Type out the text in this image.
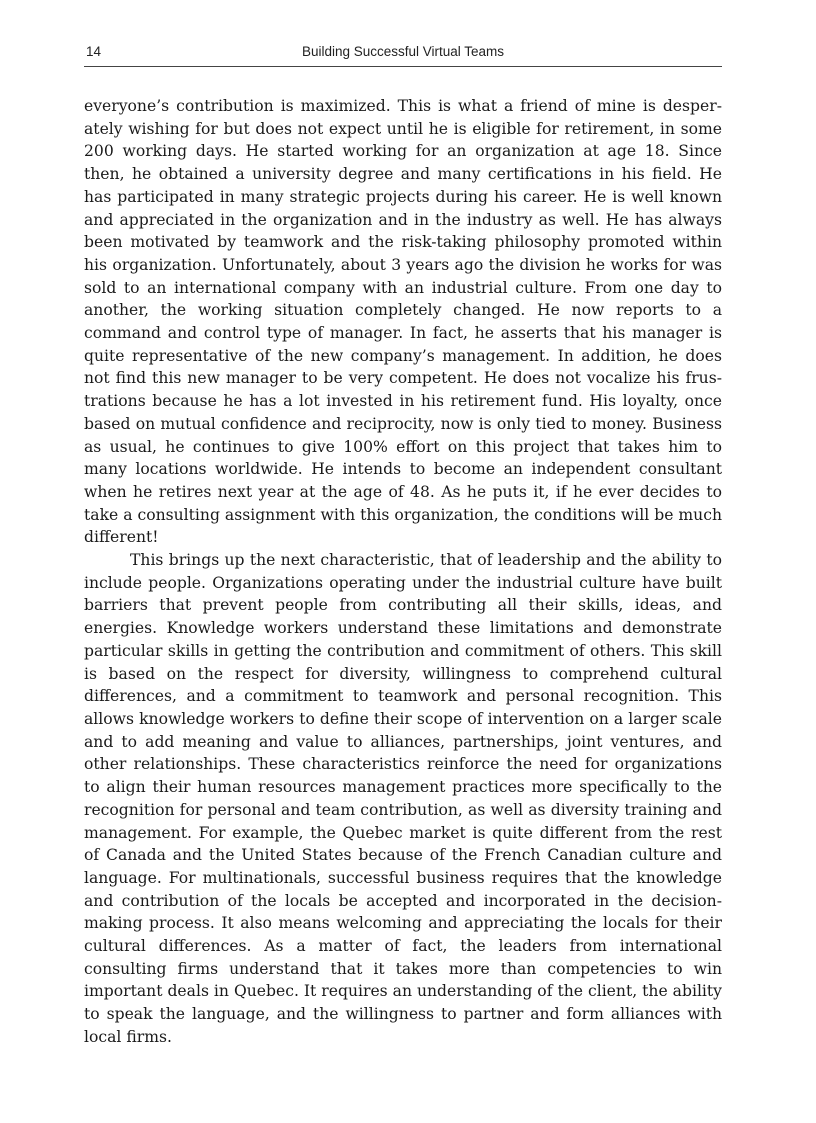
14	Building Successful Virtual Teams

everyone’s contribution is maximized. This is what a friend of mine is desperately wishing for but does not expect until he is eligible for retirement, in some 200 working days. He started working for an organization at age 18. Since then, he obtained a university degree and many certifications in his field. He has participated in many strategic projects during his career. He is well known and appreciated in the organization and in the industry as well. He has always been motivated by teamwork and the risk-taking philosophy promoted within his organization. Unfortunately, about 3 years ago the division he works for was sold to an international company with an industrial culture. From one day to another, the working situation completely changed. He now reports to a command and control type of manager. In fact, he asserts that his manager is quite representative of the new company’s management. In addition, he does not find this new manager to be very competent. He does not vocalize his frustrations because he has a lot invested in his retirement fund. His loyalty, once based on mutual confidence and reciprocity, now is only tied to money. Business as usual, he continues to give 100% effort on this project that takes him to many locations worldwide. He intends to become an independent consultant when he retires next year at the age of 48. As he puts it, if he ever decides to take a consulting assignment with this organization, the conditions will be much different!

This brings up the next characteristic, that of leadership and the ability to include people. Organizations operating under the industrial culture have built barriers that prevent people from contributing all their skills, ideas, and energies. Knowledge workers understand these limitations and demonstrate particular skills in getting the contribution and commitment of others. This skill is based on the respect for diversity, willingness to comprehend cultural differences, and a commitment to teamwork and personal recognition. This allows knowledge workers to define their scope of intervention on a larger scale and to add meaning and value to alliances, partnerships, joint ventures, and other relationships. These characteristics reinforce the need for organizations to align their human resources management practices more specifically to the recognition for personal and team contribution, as well as diversity training and management. For example, the Quebec market is quite different from the rest of Canada and the United States because of the French Canadian culture and language. For multinationals, successful business requires that the knowledge and contribution of the locals be accepted and incorporated in the decision-making process. It also means welcoming and appreciating the locals for their cultural differences. As a matter of fact, the leaders from international consulting firms understand that it takes more than competencies to win important deals in Quebec. It requires an understanding of the client, the ability to speak the language, and the willingness to partner and form alliances with local firms.
